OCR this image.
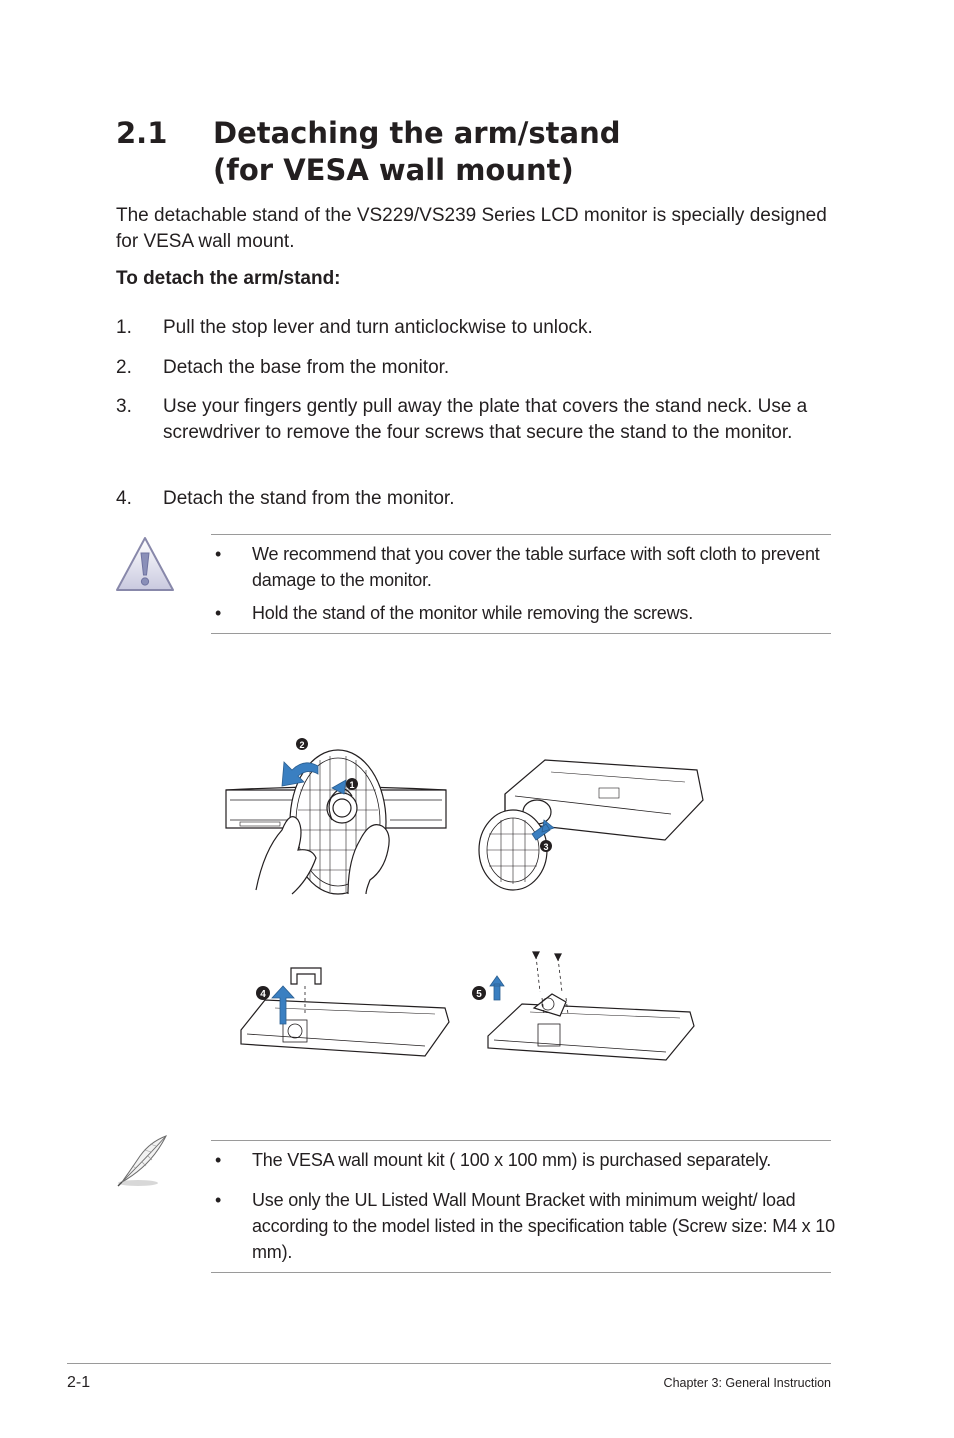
2.1 Detaching the arm/stand
(for VESA wall mount)

The detachable stand of the VS229/VS239 Series LCD monitor is specially designed for VESA wall mount.

To detach the arm/stand:

1. Pull the stop lever and turn anticlockwise to unlock.
2. Detach the base from the monitor.
3. Use your fingers gently pull away the plate that covers the stand neck. Use a screwdriver to remove the four screws that secure the stand to the monitor.
4. Detach the stand from the monitor.
• We recommend that you cover the table surface with soft cloth to prevent damage to the monitor.
• Hold the stand of the monitor while removing the screws.
2
1
3
4	5
• The VESA wall mount kit ( 100 x 100 mm) is purchased separately.
• Use only the UL Listed Wall Mount Bracket with minimum weight/ load according to the model listed in the specification table (Screw size: M4 x 10 mm).
2-1	Chapter 3: General Instruction
